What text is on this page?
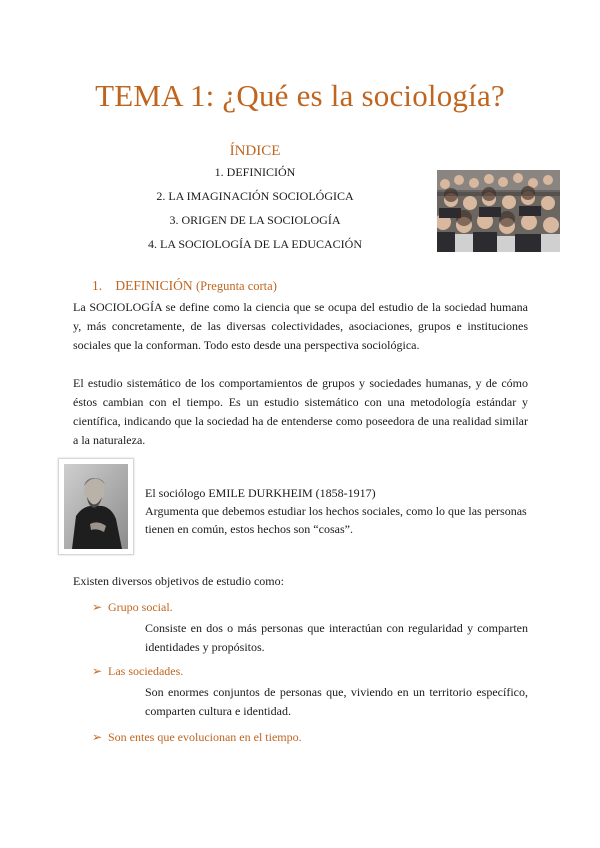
TEMA 1: ¿Qué es la sociología?
ÍNDICE
1. DEFINICIÓN
2. LA IMAGINACIÓN SOCIOLÓGICA
3. ORIGEN DE LA SOCIOLOGÍA
4. LA SOCIOLOGÍA DE LA EDUCACIÓN
1. DEFINICIÓN (Pregunta corta)
La SOCIOLOGÍA se define como la ciencia que se ocupa del estudio de la sociedad humana y, más concretamente, de las diversas colectividades, asociaciones, grupos e instituciones sociales que la conforman. Todo esto desde una perspectiva sociológica.
El estudio sistemático de los comportamientos de grupos y sociedades humanas, y de cómo éstos cambian con el tiempo. Es un estudio sistemático con una metodología estándar y científica, indicando que la sociedad ha de entenderse como poseedora de una realidad similar a la naturaleza.
El sociólogo EMILE DURKHEIM (1858-1917)
Argumenta que debemos estudiar los hechos sociales, como lo que las personas tienen en común, estos hechos son “cosas”.
Existen diversos objetivos de estudio como:
➢ Grupo social.
Consiste en dos o más personas que interactúan con regularidad y comparten identidades y propósitos.
➢ Las sociedades.
Son enormes conjuntos de personas que, viviendo en un territorio específico, comparten cultura e identidad.
➢ Son entes que evolucionan en el tiempo.
